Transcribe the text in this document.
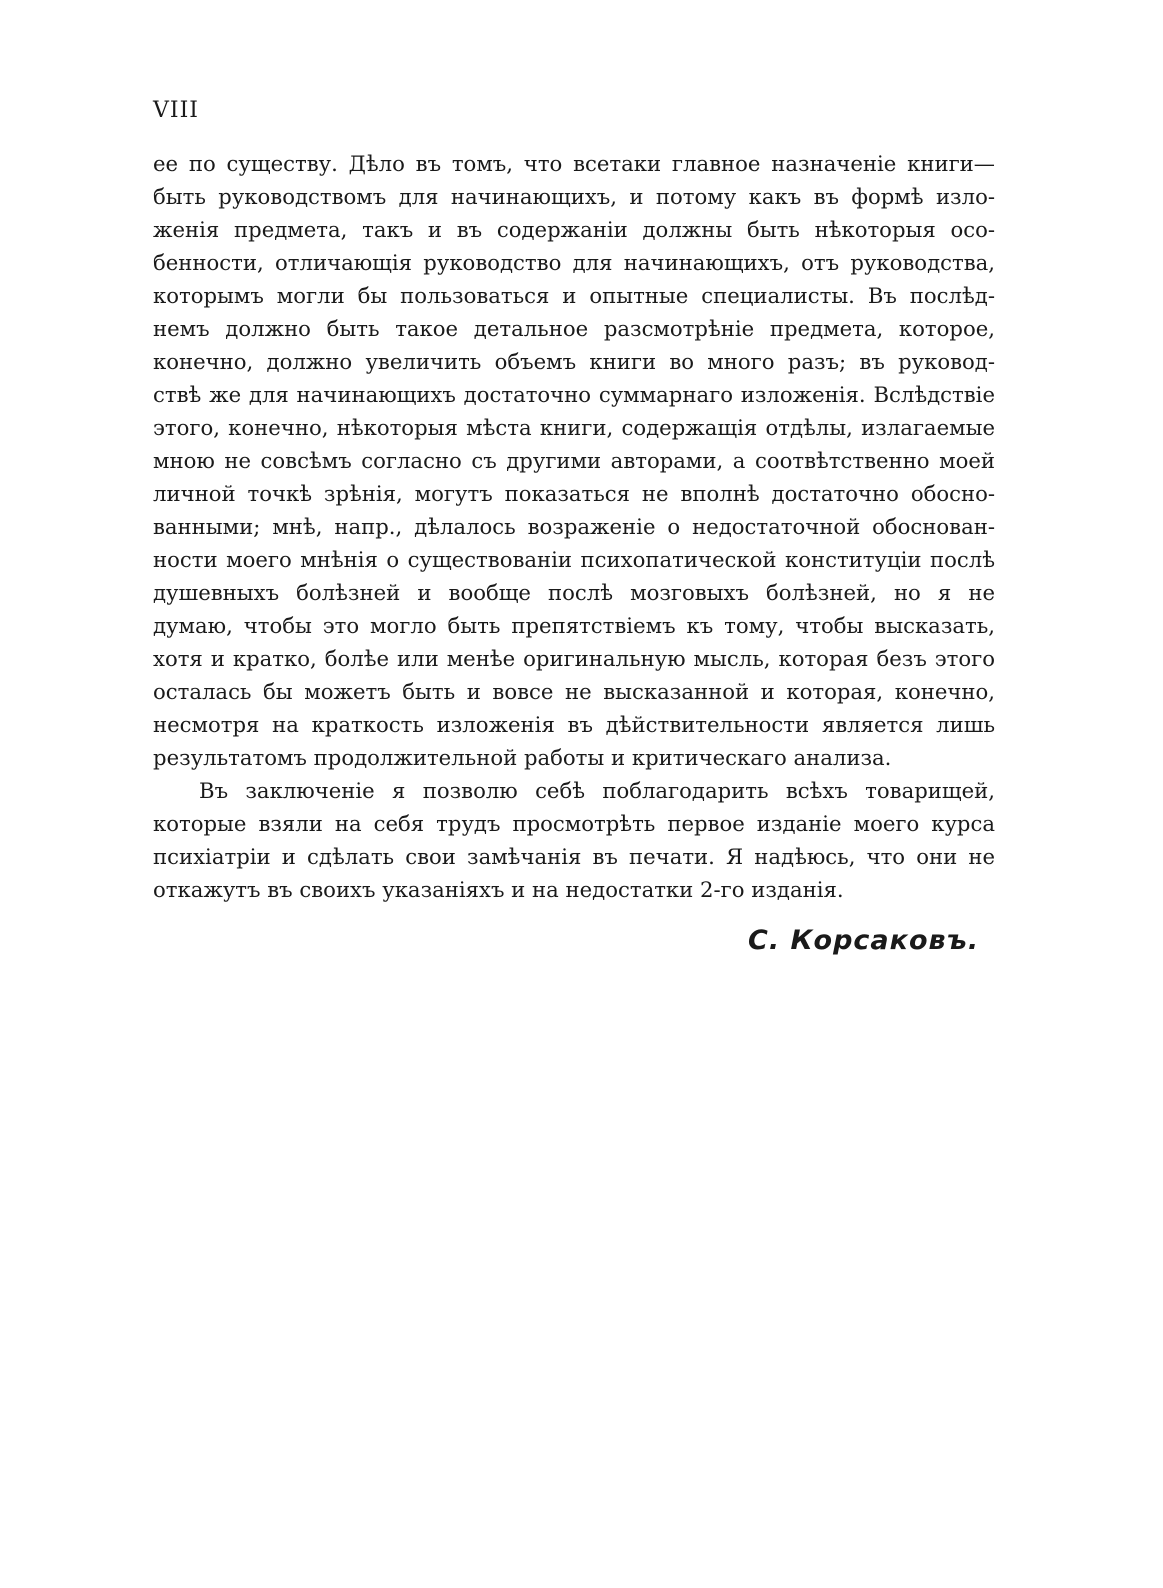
VIII
ее по существу. Дѣло въ томъ, что всетаки главное назначеніе книги—
быть руководствомъ для начинающихъ, и потому какъ въ формѣ изло-
женія предмета, такъ и въ содержаніи должны быть нѣкоторыя осо-
бенности, отличающія руководство для начинающихъ, отъ руководства,
которымъ могли бы пользоваться и опытные специалисты. Въ послѣд-
немъ должно быть такое детальное разсмотрѣніе предмета, которое,
конечно, должно увеличить объемъ книги во много разъ; въ руковод-
ствѣ же для начинающихъ достаточно суммарнаго изложенія. Вслѣдствіе
этого, конечно, нѣкоторыя мѣста книги, содержащія отдѣлы, излагаемые
мною не совсѣмъ согласно съ другими авторами, а соотвѣтственно моей
личной точкѣ зрѣнія, могутъ показаться не вполнѣ достаточно обосно-
ванными; мнѣ, напр., дѣлалось возраженіе о недостаточной обоснован-
ности моего мнѣнія о существованіи психопатической конституціи послѣ
душевныхъ болѣзней и вообще послѣ мозговыхъ болѣзней, но я не
думаю, чтобы это могло быть препятствіемъ къ тому, чтобы высказать,
хотя и кратко, болѣе или менѣе оригинальную мысль, которая безъ этого
осталась бы можетъ быть и вовсе не высказанной и которая, конечно,
несмотря на краткость изложенія въ дѣйствительности является лишь
результатомъ продолжительной работы и критическаго анализа.
Въ заключеніе я позволю себѣ поблагодарить всѣхъ товарищей,
которые взяли на себя трудъ просмотрѣть первое изданіе моего курса
психіатріи и сдѣлать свои замѣчанія въ печати. Я надѣюсь, что они не
откажутъ въ своихъ указаніяхъ и на недостатки 2-го изданія.
С. Корсаковъ.
